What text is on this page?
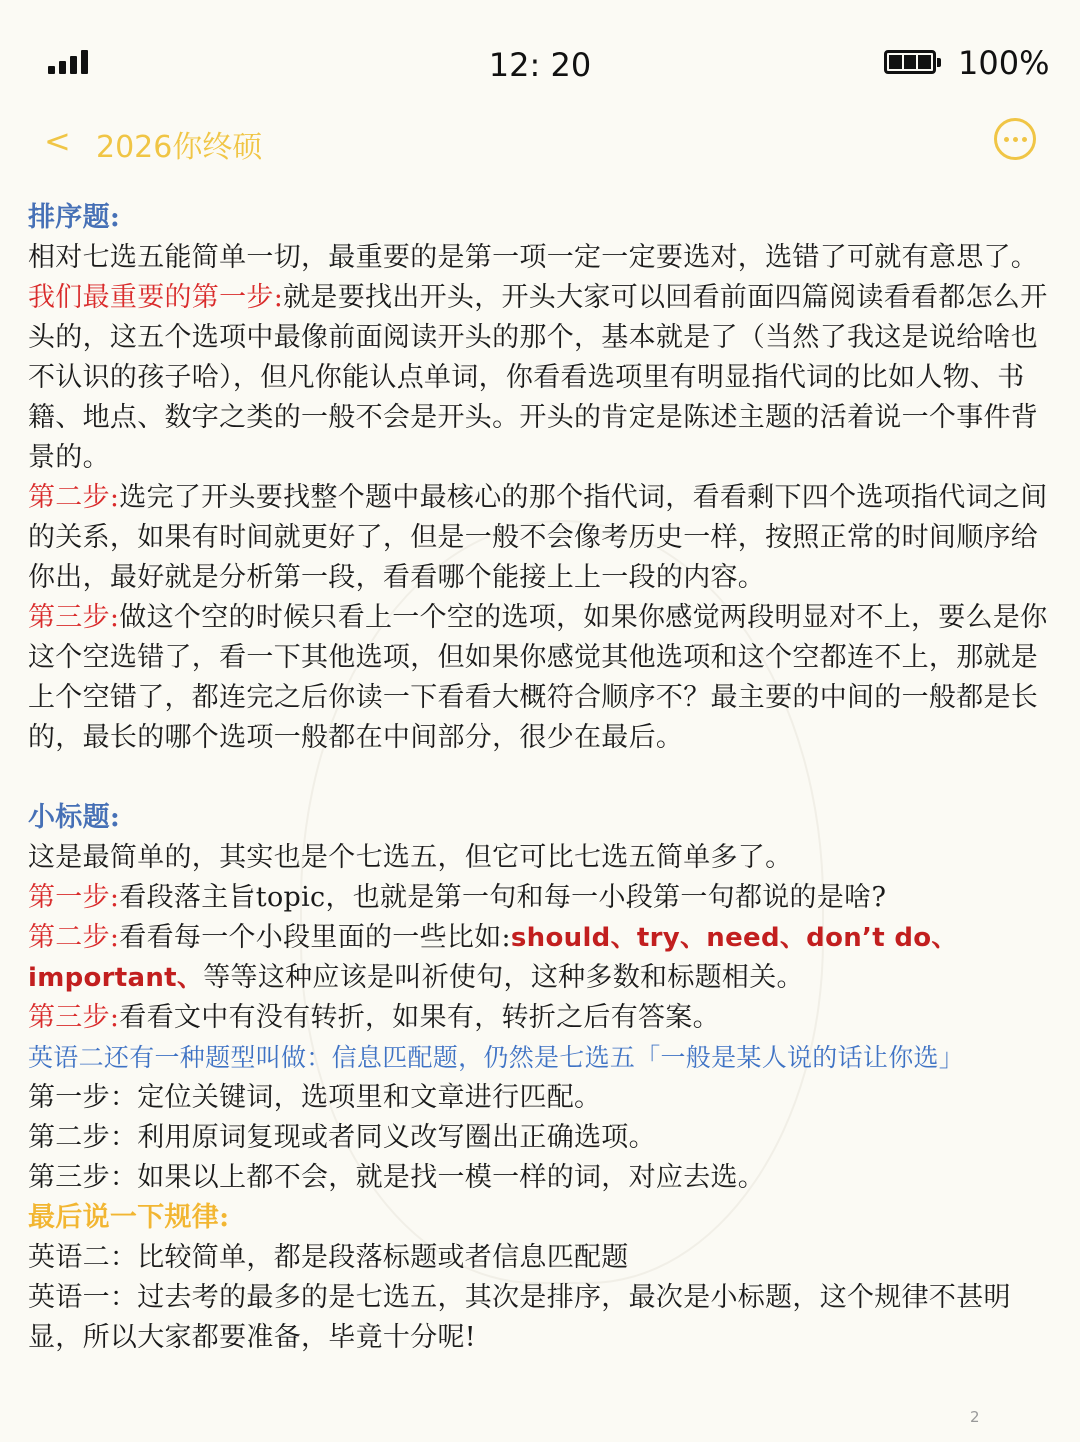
12: 20	100%
< 2026你终硕

排序题:

相对七选五能简单一切，最重要的是第一项一定一定要选对，选错了可就有意思了。

我们最重要的第一步:就是要找出开头，开头大家可以回看前面四篇阅读看看都怎么开头的，这五个选项中最像前面阅读开头的那个，基本就是了（当然了我这是说给啥也不认识的孩子哈），但凡你能认点单词，你看看选项里有明显指代词的比如人物、书籍、地点、数字之类的一般不会是开头。开头的肯定是陈述主题的活着说一个事件背景的。

第二步:选完了开头要找整个题中最核心的那个指代词，看看剩下四个选项指代词之间的关系，如果有时间就更好了，但是一般不会像考历史一样，按照正常的时间顺序给你出，最好就是分析第一段，看看哪个能接上上一段的内容。

第三步:做这个空的时候只看上一个空的选项，如果你感觉两段明显对不上，要么是你这个空选错了，看一下其他选项，但如果你感觉其他选项和这个空都连不上，那就是上个空错了，都连完之后你读一下看看大概符合顺序不？最主要的中间的一般都是长的，最长的哪个选项一般都在中间部分，很少在最后。

小标题:

这是最简单的，其实也是个七选五，但它可比七选五简单多了。

第一步:看段落主旨topic，也就是第一句和每一小段第一句都说的是啥?

第二步:看看每一个小段里面的一些比如:should、try、need、don’t do、important、等等这种应该是叫祈使句，这种多数和标题相关。

第三步:看看文中有没有转折，如果有，转折之后有答案。

英语二还有一种题型叫做：信息匹配题，仍然是七选五「一般是某人说的话让你选」

第一步：定位关键词，选项里和文章进行匹配。

第二步：利用原词复现或者同义改写圈出正确选项。

第三步：如果以上都不会，就是找一模一样的词，对应去选。

最后说一下规律:

英语二：比较简单，都是段落标题或者信息匹配题

英语一：过去考的最多的是七选五，其次是排序，最次是小标题，这个规律不甚明显，所以大家都要准备，毕竟十分呢!

2
